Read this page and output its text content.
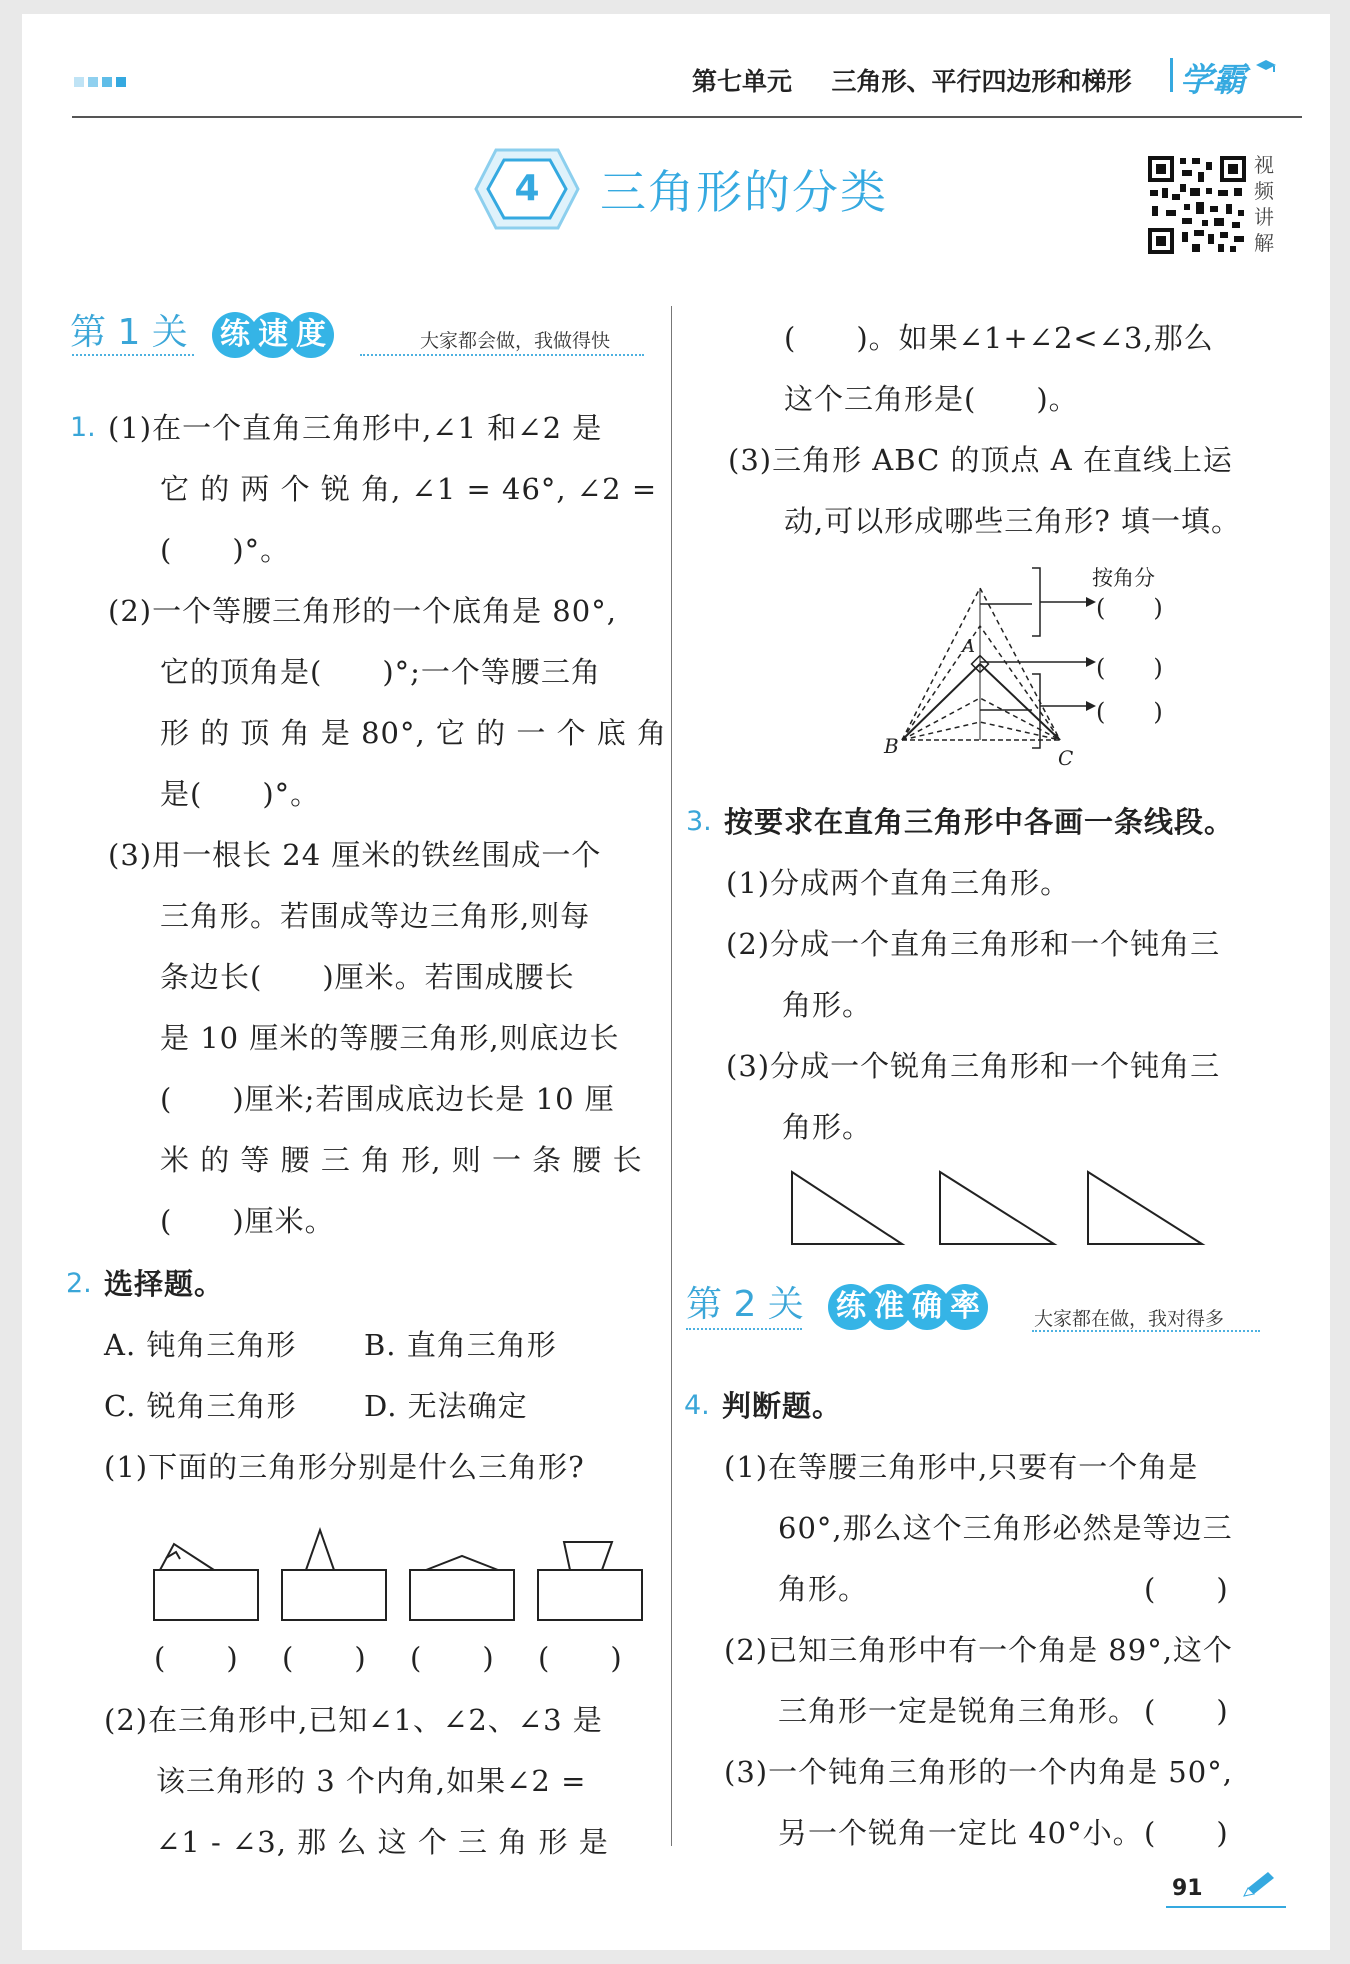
第七单元 三角形、平行四边形和梯形 学霸
4	三角形的分类	视
频
讲
解
第 1 关 练 速 度	大家都会做，我做得快
1. (1)在一个直角三角形中,∠1 和∠2 是
它 的 两 个 锐 角, ∠1 = 46°, ∠2 =
(　　)°。
(2)一个等腰三角形的一个底角是 80°,
它的顶角是(　　)°;一个等腰三角
形 的 顶 角 是 80°, 它 的 一 个 底 角
是(　　)°。
(3)用一根长 24 厘米的铁丝围成一个
三角形。若围成等边三角形,则每
条边长(　　)厘米。若围成腰长
是 10 厘米的等腰三角形,则底边长
(　　)厘米;若围成底边长是 10 厘
米 的 等 腰 三 角 形, 则 一 条 腰 长
(　　)厘米。
2. 选择题。
A. 钝角三角形 B. 直角三角形
C. 锐角三角形 D. 无法确定
(1)下面的三角形分别是什么三角形?
(　　) (　　) (　　) (　　)
(2)在三角形中,已知∠1、∠2、∠3 是
该三角形的 3 个内角,如果∠2 =
∠1 - ∠3, 那 么 这 个 三 角 形 是
(　　)。如果∠1+∠2<∠3,那么
这个三角形是(　　)。
(3)三角形 ABC 的顶点 A 在直线上运
动,可以形成哪些三角形? 填一填。
按角分
(　　)
(　　)
(　　)
A
B	C
3. 按要求在直角三角形中各画一条线段。
(1)分成两个直角三角形。
(2)分成一个直角三角形和一个钝角三
角形。
(3)分成一个锐角三角形和一个钝角三
角形。
第 2 关 练 准 确 率	大家都在做，我对得多
4. 判断题。
(1)在等腰三角形中,只要有一个角是
60°,那么这个三角形必然是等边三
角形。	(　　)
(2)已知三角形中有一个角是 89°,这个
三角形一定是锐角三角形。 (　　)
(3)一个钝角三角形的一个内角是 50°,
另一个锐角一定比 40°小。 (　　)
91
